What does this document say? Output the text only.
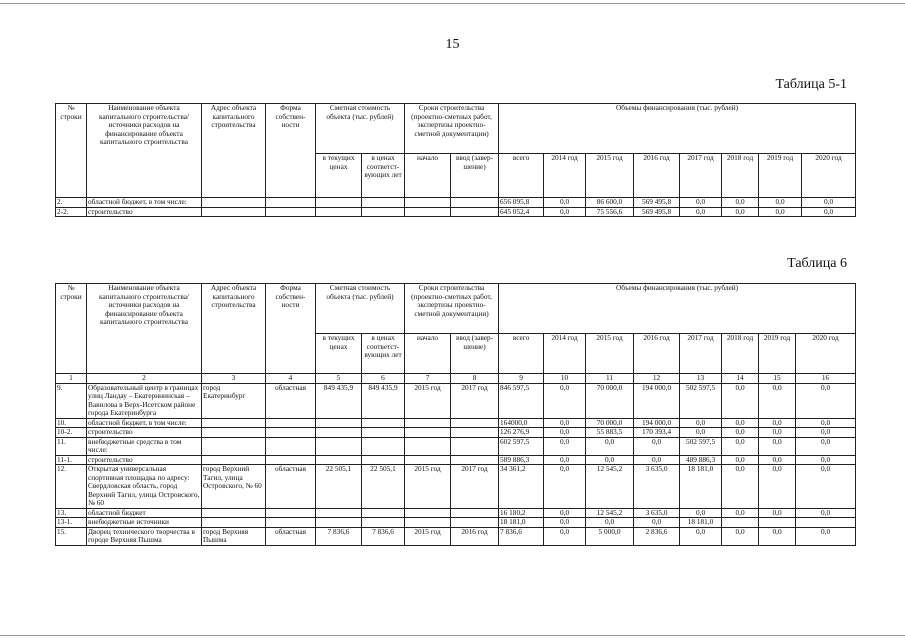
15
Таблица 5-1
№ строки	Наименование объекта капитального строительства/ источники расходов на финансирование объекта капитального строительства	Адрес объекта капитального строительства	Форма собствен-ности	Сметная стоимость объекта (тыс. рублей)		Сроки строительства (проектно-сметных работ, экспертизы проектно-сметной документации)		Объемы финансирования (тыс. рублей)							
				в текущих ценах	в ценах соответст-вующих лет	начало	ввод (завер-шение)	всего	2014 год	2015 год	2016 год	2017 год	2018 год	2019 год	2020 год
2.	областной бюджет, в том числе:							656 095,8	0,0	86 600,0	569 495,8	0,0	0,0	0,0	0,0
2-2.	строительство							645 052,4	0,0	75 556,6	569 495,8	0,0	0,0	0,0	0,0
Таблица 6
№ строки	Наименование объекта капитального строительства/ источники расходов на финансирование объекта капитального строительства	Адрес объекта капитального строительства	Форма собствен-ности	Сметная стоимость объекта (тыс. рублей)		Сроки строительства (проектно-сметных работ, экспертизы проектно-сметной документации)		Объемы финансирования (тыс. рублей)							
				в текущих ценах	в ценах соответст-вующих лет	начало	ввод (завер-шение)	всего	2014 год	2015 год	2016 год	2017 год	2018 год	2019 год	2020 год
1	2	3	4	5	6	7	8	9	10	11	12	13	14	15	16
9.	Образовательный центр в границах улиц Ландау – Екатерининская – Вавилова в Верх-Исетском районе города Екатеринбурга	город Екатеринбург	областная	849 435,9	849 435,9	2015 год	2017 год	846 597,5	0,0	70 000,0	194 000,0	502 597,5	0,0	0,0	0,0
10.	областной бюджет, в том числе:							164000,0	0,0	70 000,0	194 000,0	0,0	0,0	0,0	0,0
10-2.	строительство							126 276,9	0,0	55 883,5	170 393,4	0,0	0,0	0,0	0,0
11.	внебюджетные средства в том числе:							602 597,5	0,0	0,0	0,0	502 597,5	0,0	0,0	0,0
11-1.	строительство							589 886,3	0,0	0,0	0,0	489 886,3	0,0	0,0	0,0
12.	Открытая универсальная спортивная площадка по адресу: Свердловская область, город Верхний Тагил, улица Островского, № 60	город Верхний Тагил, улица Островского, № 60	областная	22 505,1	22 505,1	2015 год	2017 год	34 361,2	0,0	12 545,2	3 635,0	18 181,0	0,0	0,0	0,0
13.	областной бюджет							16 180,2	0,0	12 545,2	3 635,0	0,0	0,0	0,0	0,0
13-1.	внебюджетные источники							18 181,0	0,0	0,0	0,0	18 181,0			
15.	Дворец технического творчества в городе Верхняя Пышма	город Верхняя Пышма	областная	7 836,6	7 836,6	2015 год	2016 год	7 836,6	0,0	5 000,0	2 836,6	0,0	0,0	0,0	0,0
